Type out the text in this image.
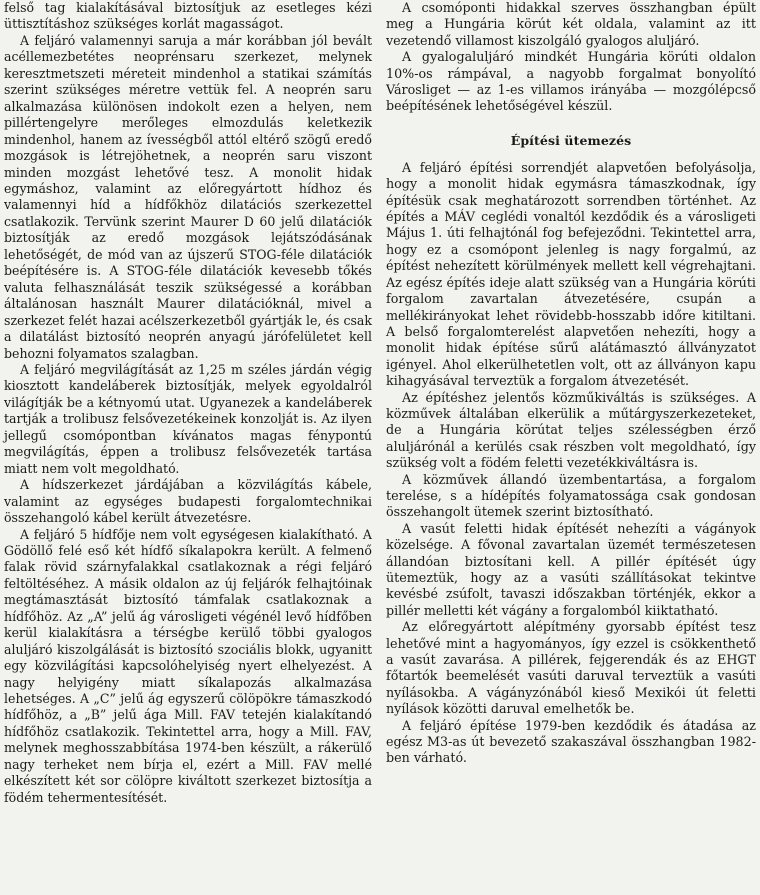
felső tag kialakításával biztosítjuk az esetleges kézi üttisztításhoz szükséges korlát magasságot.

A feljáró valamennyi saruja a már korábban jól bevált acéllemezbetétes neoprénsaru szerkezet, melynek keresztmetszeti méreteit mindenhol a statikai számítás szerint szükséges méretre vettük fel. A neoprén saru alkalmazása különösen indokolt ezen a helyen, nem pillértengelyre merőleges elmozdulás keletkezik mindenhol, hanem az ívességből attól eltérő szögű eredő mozgások is létrejöhetnek, a neoprén saru viszont minden mozgást lehetővé tesz. A monolit hidak egymáshoz, valamint az előregyártott hídhoz és valamennyi híd a hídfőkhöz dilatációs szerkezettel csatlakozik. Tervünk szerint Maurer D 60 jelű dilatációk biztosítják az eredő mozgások lejátszódásának lehetőségét, de mód van az újszerű STOG-féle dilatációk beépítésére is. A STOG-féle dilatációk kevesebb tőkés valuta felhasználását teszik szükségessé a korábban általánosan használt Maurer dilatációknál, mivel a szerkezet felét hazai acélszerkezetből gyártják le, és csak a dilatálást biztosító neoprén anyagú járófelületet kell behozni folyamatos szalagban.

A feljáró megvilágítását az 1,25 m széles járdán végig kiosztott kandeláberek biztosítják, melyek egyoldalról világítják be a kétnyomú utat. Ugyanezek a kandeláberek tartják a trolibusz felsővezetékeinek konzolját is. Az ilyen jellegű csomópontban kívánatos magas fénypontú megvilágítás, éppen a trolibusz felsővezeték tartása miatt nem volt megoldható.

A hídszerkezet járdájában a közvilágítás kábele, valamint az egységes budapesti forgalomtechnikai összehangoló kábel került átvezetésre.

A feljáró 5 hídfője nem volt egységesen kialakítható. A Gödöllő felé eső két hídfő síkalapokra került. A felmenő falak rövid szárnyfalakkal csatlakoznak a régi feljáró feltöltéséhez. A másik oldalon az új feljárók felhajtóinak megtámasztását biztosító támfalak csatlakoznak a hídfőhöz. Az „A” jelű ág városligeti végénél levő hídfőben kerül kialakításra a térségbe kerülő többi gyalogos aluljáró kiszolgálását is biztosító szociális blokk, ugyanitt egy közvilágítási kapcsolóhelyiség nyert elhelyezést. A nagy helyigény miatt síkalapozás alkalmazása lehetséges. A „C” jelű ág egyszerű cölöpökre támaszkodó hídfőhöz, a „B” jelű ága Mill. FAV tetején kialakítandó hídfőhöz csatlakozik. Tekintettel arra, hogy a Mill. FAV, melynek meghosszabbítása 1974-ben készült, a rákerülő nagy terheket nem bírja el, ezért a Mill. FAV mellé elkészített két sor cölöpre kiváltott szerkezet biztosítja a födém tehermentesítését.

A csomóponti hidakkal szerves összhangban épült meg a Hungária körút két oldala, valamint az itt vezetendő villamost kiszolgáló gyalogos aluljáró.

A gyalogaluljáró mindkét Hungária körúti oldalon 10%-os rámpával, a nagyobb forgalmat bonyolító Városliget — az 1-es villamos irányába — mozgólépcső beépítésének lehetőségével készül.

Építési ütemezés

A feljáró építési sorrendjét alapvetően befolyásolja, hogy a monolit hidak egymásra támaszkodnak, így építésük csak meghatározott sorrendben történhet. Az építés a MÁV ceglédi vonaltól kezdődik és a városligeti Május 1. úti felhajtónál fog befejeződni. Tekintettel arra, hogy ez a csomópont jelenleg is nagy forgalmú, az építést nehezített körülmények mellett kell végrehajtani. Az egész építés ideje alatt szükség van a Hungária körúti forgalom zavartalan átvezetésére, csupán a mellékirányokat lehet rövidebb-hosszabb időre kitiltani. A belső forgalomterelést alapvetően nehezíti, hogy a monolit hidak építése sűrű alátámasztó állványzatot igényel. Ahol elkerülhetetlen volt, ott az állványon kapu kihagyásával terveztük a forgalom átvezetését.

Az építéshez jelentős közműkiváltás is szükséges. A közművek általában elkerülik a műtárgyszerkezeteket, de a Hungária körútat teljes szélességben érző aluljárónál a kerülés csak részben volt megoldható, így szükség volt a födém feletti vezetékkiváltásra is.

A közművek állandó üzembentartása, a forgalom terelése, s a hídépítés folyamatossága csak gondosan összehangolt ütemek szerint biztosítható.

A vasút feletti hidak építését nehezíti a vágányok közelsége. A fővonal zavartalan üzemét természetesen állandóan biztosítani kell. A pillér építését úgy ütemeztük, hogy az a vasúti szállításokat tekintve kevésbé zsúfolt, tavaszi időszakban történjék, ekkor a pillér melletti két vágány a forgalomból kiiktatható.

Az előregyártott alépítmény gyorsabb építést tesz lehetővé mint a hagyományos, így ezzel is csökkenthető a vasút zavarása. A pillérek, fejgerendák és az EHGT főtartók beemelését vasúti daruval terveztük a vasúti nyílásokba. A vágányzónából kieső Mexikói út feletti nyílások közötti daruval emelhetők be.

A feljáró építése 1979-ben kezdődik és átadása az egész M3-as út bevezető szakaszával összhangban 1982-ben várható.
